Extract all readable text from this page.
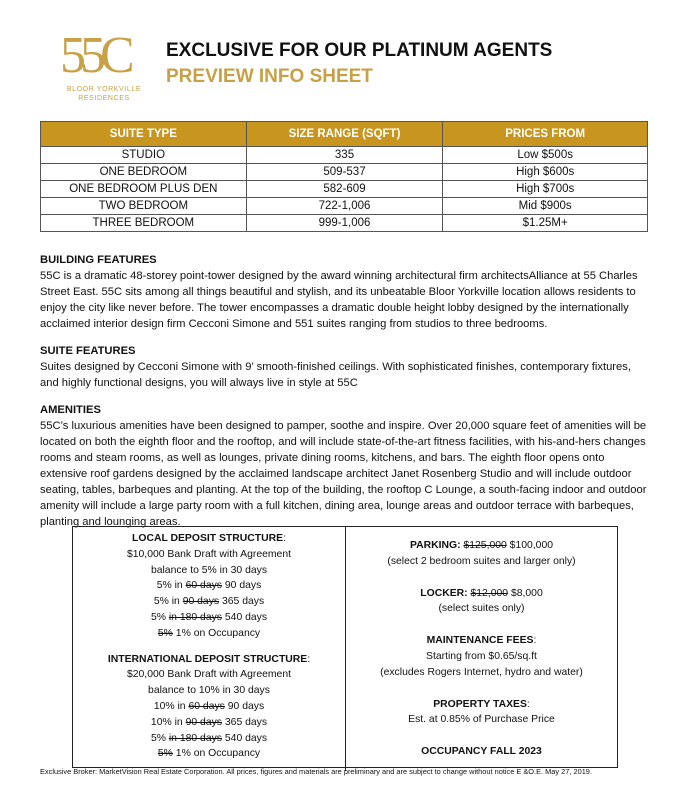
55C
BLOOR YORKVILLE
RESIDENCES
EXCLUSIVE FOR OUR PLATINUM AGENTS
PREVIEW INFO SHEET
SUITE TYPE	SIZE RANGE (SQFT)	PRICES FROM
STUDIO	335	Low $500s
ONE BEDROOM	509-537	High $600s
ONE BEDROOM PLUS DEN	582-609	High $700s
TWO BEDROOM	722-1,006	Mid $900s
THREE BEDROOM	999-1,006	$1.25M+
BUILDING FEATURES

55C is a dramatic 48-storey point-tower designed by the award winning architectural firm architectsAlliance at 55 Charles Street East. 55C sits among all things beautiful and stylish, and its unbeatable Bloor Yorkville location allows residents to enjoy the city like never before. The tower encompasses a dramatic double height lobby designed by the internationally acclaimed interior design firm Cecconi Simone and 551 suites ranging from studios to three bedrooms.

SUITE FEATURES

Suites designed by Cecconi Simone with 9’ smooth-finished ceilings. With sophisticated finishes, contemporary fixtures, and highly functional designs, you will always live in style at 55C

AMENITIES

55C’s luxurious amenities have been designed to pamper, soothe and inspire. Over 20,000 square feet of amenities will be located on both the eighth floor and the rooftop, and will include state-of-the-art fitness facilities, with his-and-hers changes rooms and steam rooms, as well as lounges, private dining rooms, kitchens, and bars. The eighth floor opens onto extensive roof gardens designed by the acclaimed landscape architect Janet Rosenberg Studio and will include outdoor seating, tables, barbeques and planting. At the top of the building, the rooftop C Lounge, a south-facing indoor and outdoor amenity will include a large party room with a full kitchen, dining area, lounge areas and outdoor terrace with barbeques, planting and lounging areas.

LOCAL DEPOSIT STRUCTURE:
$10,000 Bank Draft with Agreement
balance to 5% in 30 days
5% in 60 days 90 days
5% in 90 days 365 days
5% in 180 days 540 days
5% 1% on Occupancy
INTERNATIONAL DEPOSIT STRUCTURE:
$20,000 Bank Draft with Agreement
balance to 10% in 30 days
10% in 60 days 90 days
10% in 90 days 365 days
5% in 180 days 540 days
5% 1% on Occupancy
PARKING: $125,000 $100,000
(select 2 bedroom suites and larger only)
LOCKER: $12,000 $8,000
(select suites only)
MAINTENANCE FEES:
Starting from $0.65/sq.ft
(excludes Rogers Internet, hydro and water)
PROPERTY TAXES:
Est. at 0.85% of Purchase Price
OCCUPANCY FALL 2023
Exclusive Broker: MarketVision Real Estate Corporation. All prices, figures and materials are preliminary and are subject to change without notice E &O.E. May 27, 2019.
